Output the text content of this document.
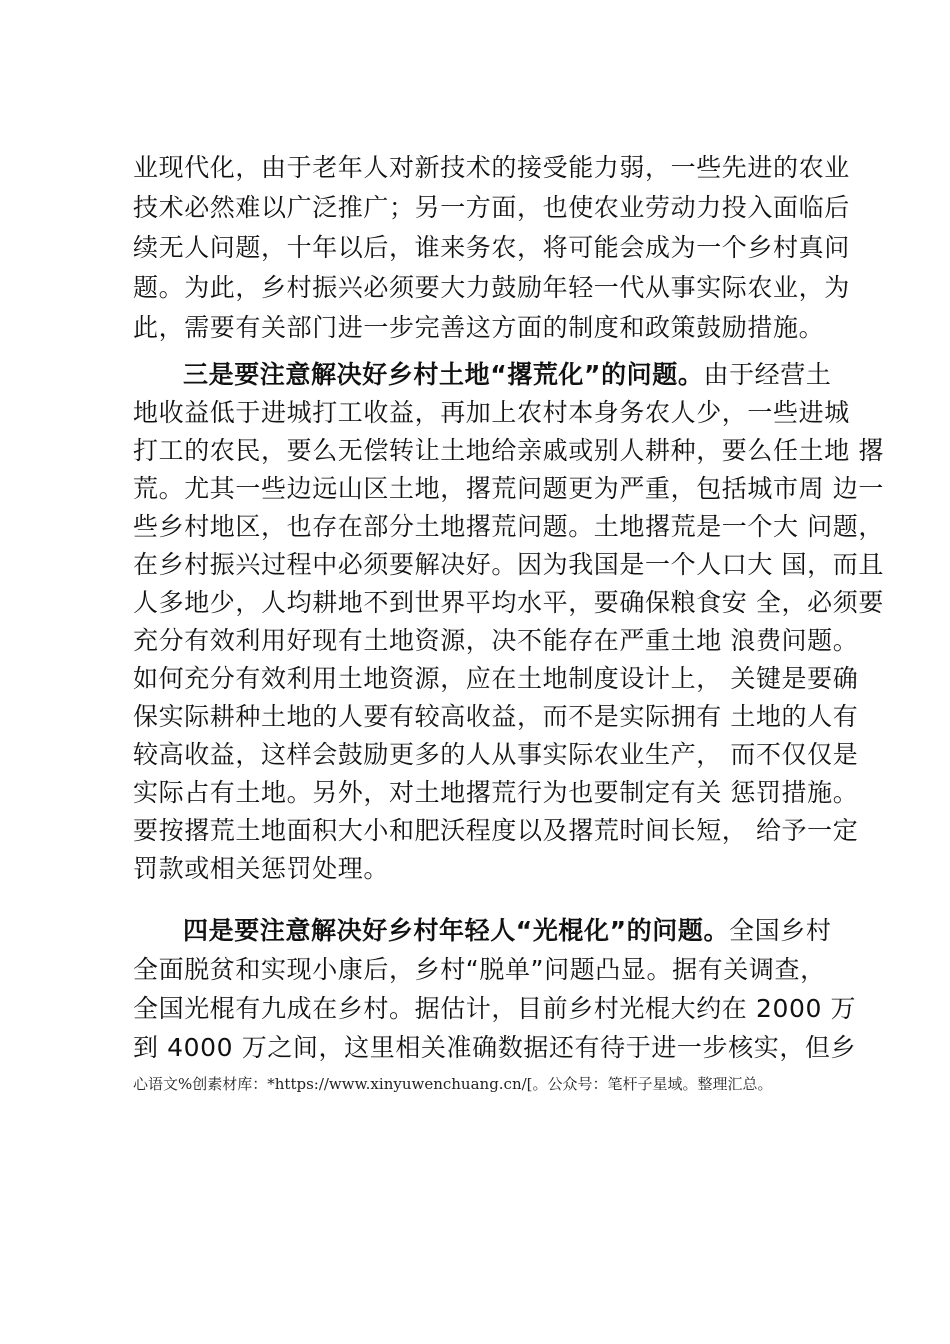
业现代化，由于老年人对新技术的接受能力弱，一些先进的农业
技术必然难以广泛推广；另一方面，也使农业劳动力投入面临后
续无人问题，十年以后，谁来务农，将可能会成为一个乡村真问
题。为此，乡村振兴必须要大力鼓励年轻一代从事实际农业，为
此，需要有关部门进一步完善这方面的制度和政策鼓励措施。
三是要注意解决好乡村土地“撂荒化”的问题。由于经营土
地收益低于进城打工收益，再加上农村本身务农人少，一些进城
打工的农民，要么无偿转让土地给亲戚或别人耕种，要么任土地 撂
荒。尤其一些边远山区土地，撂荒问题更为严重，包括城市周 边一
些乡村地区，也存在部分土地撂荒问题。土地撂荒是一个大 问题，
在乡村振兴过程中必须要解决好。因为我国是一个人口大 国，而且
人多地少，人均耕地不到世界平均水平，要确保粮食安 全，必须要
充分有效利用好现有土地资源，决不能存在严重土地 浪费问题。
如何充分有效利用土地资源，应在土地制度设计上， 关键是要确
保实际耕种土地的人要有较高收益，而不是实际拥有 土地的人有
较高收益，这样会鼓励更多的人从事实际农业生产， 而不仅仅是
实际占有土地。另外，对土地撂荒行为也要制定有关 惩罚措施。
要按撂荒土地面积大小和肥沃程度以及撂荒时间长短， 给予一定
罚款或相关惩罚处理。
四是要注意解决好乡村年轻人“光棍化”的问题。全国乡村
全面脱贫和实现小康后，乡村“脱单”问题凸显。据有关调查，
全国光棍有九成在乡村。据估计，目前乡村光棍大约在 2000 万
到 4000 万之间，这里相关准确数据还有待于进一步核实，但乡
心语文%创素材库：*https://www.xinyuwenchuang.cn/[。公众号：笔杆子星域。整理汇总。
